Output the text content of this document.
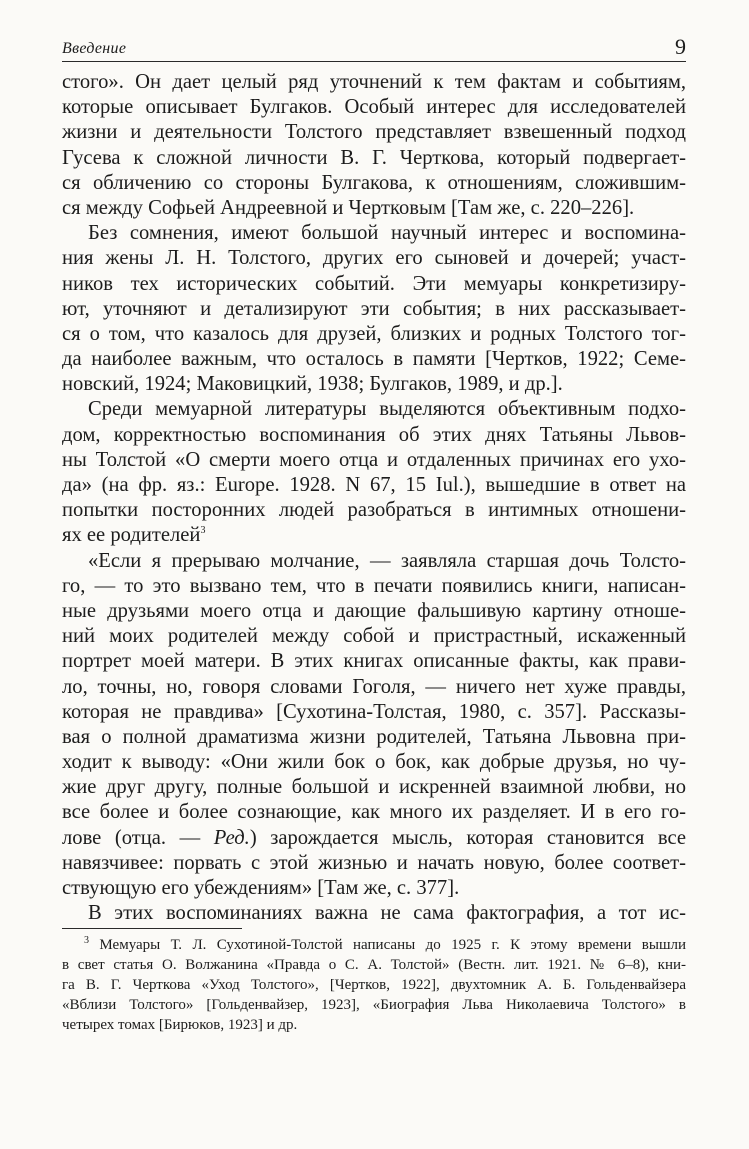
Введение	9
стого». Он дает целый ряд уточнений к тем фактам и событиям,
которые описывает Булгаков. Особый интерес для исследователей
жизни и деятельности Толстого представляет взвешенный подход
Гусева к сложной личности В. Г. Черткова, который подвергает-
ся обличению со стороны Булгакова, к отношениям, сложившим-
ся между Софьей Андреевной и Чертковым [Там же, с. 220–226].
Без сомнения, имеют большой научный интерес и воспомина-
ния жены Л. Н. Толстого, других его сыновей и дочерей; участ-
ников тех исторических событий. Эти мемуары конкретизиру-
ют, уточняют и детализируют эти события; в них рассказывает-
ся о том, что казалось для друзей, близких и родных Толстого тог-
да наиболее важным, что осталось в памяти [Чертков, 1922; Семе-
новский, 1924; Маковицкий, 1938; Булгаков, 1989, и др.].
Среди мемуарной литературы выделяются объективным подхо-
дом, корректностью воспоминания об этих днях Татьяны Львов-
ны Толстой «О смерти моего отца и отдаленных причинах его ухо-
да» (на фр. яз.: Europe. 1928. N 67, 15 Iul.), вышедшие в ответ на
попытки посторонних людей разобраться в интимных отношени-
ях ее родителей$^3$
«Если я прерываю молчание, — заявляла старшая дочь Толсто-
го, — то это вызвано тем, что в печати появились книги, написан-
ные друзьями моего отца и дающие фальшивую картину отноше-
ний моих родителей между собой и пристрастный, искаженный
портрет моей матери. В этих книгах описанные факты, как прави-
ло, точны, но, говоря словами Гоголя, — ничего нет хуже правды,
которая не правдива» [Сухотина-Толстая, 1980, с. 357]. Рассказы-
вая о полной драматизма жизни родителей, Татьяна Львовна при-
ходит к выводу: «Они жили бок о бок, как добрые друзья, но чу-
жие друг другу, полные большой и искренней взаимной любви, но
все более и более сознающие, как много их разделяет. И в его го-
лове (отца. — Ред.) зарождается мысль, которая становится все
навязчивее: порвать с этой жизнью и начать новую, более соответ-
ствующую его убеждениям» [Там же, с. 377].
В этих воспоминаниях важна не сама фактография, а тот ис-
$^3$ Мемуары Т. Л. Сухотиной-Толстой написаны до 1925 г. К этому времени вышли
в свет статья О. Волжанина «Правда о С. А. Толстой» (Вестн. лит. 1921. № 6–8), кни-
га В. Г. Черткова «Уход Толстого», [Чертков, 1922], двухтомник А. Б. Гольденвайзера
«Вблизи Толстого» [Гольденвайзер, 1923], «Биография Льва Николаевича Толстого» в
четырех томах [Бирюков, 1923] и др.
